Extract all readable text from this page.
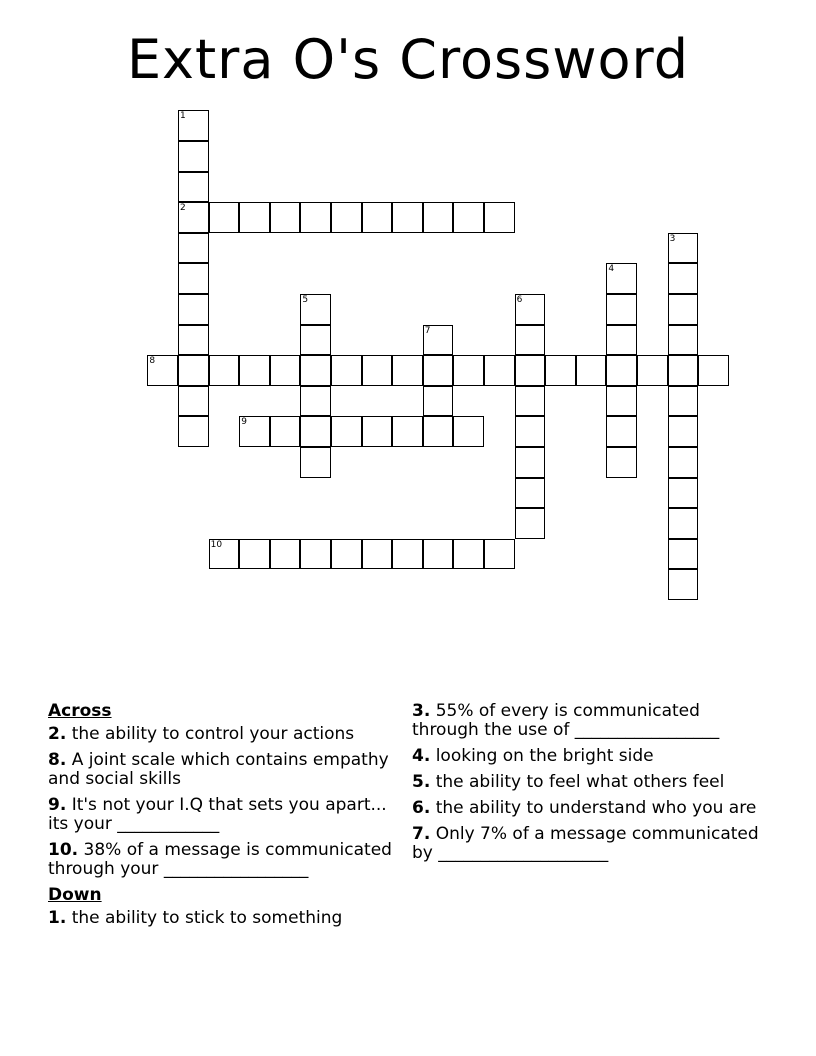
Extra O's Crossword
1
2
3
4
5	6
7
8
9
10
Across
2. the ability to control your actions
8. A joint scale which contains empathy and social skills
9. It's not your I.Q that sets you apart... its your ____________
10. 38% of a message is communicated through your _________________
Down
1. the ability to stick to something
3. 55% of every is communicated through the use of _________________
4. looking on the bright side
5. the ability to feel what others feel
6. the ability to understand who you are
7. Only 7% of a message communicated by ____________________
